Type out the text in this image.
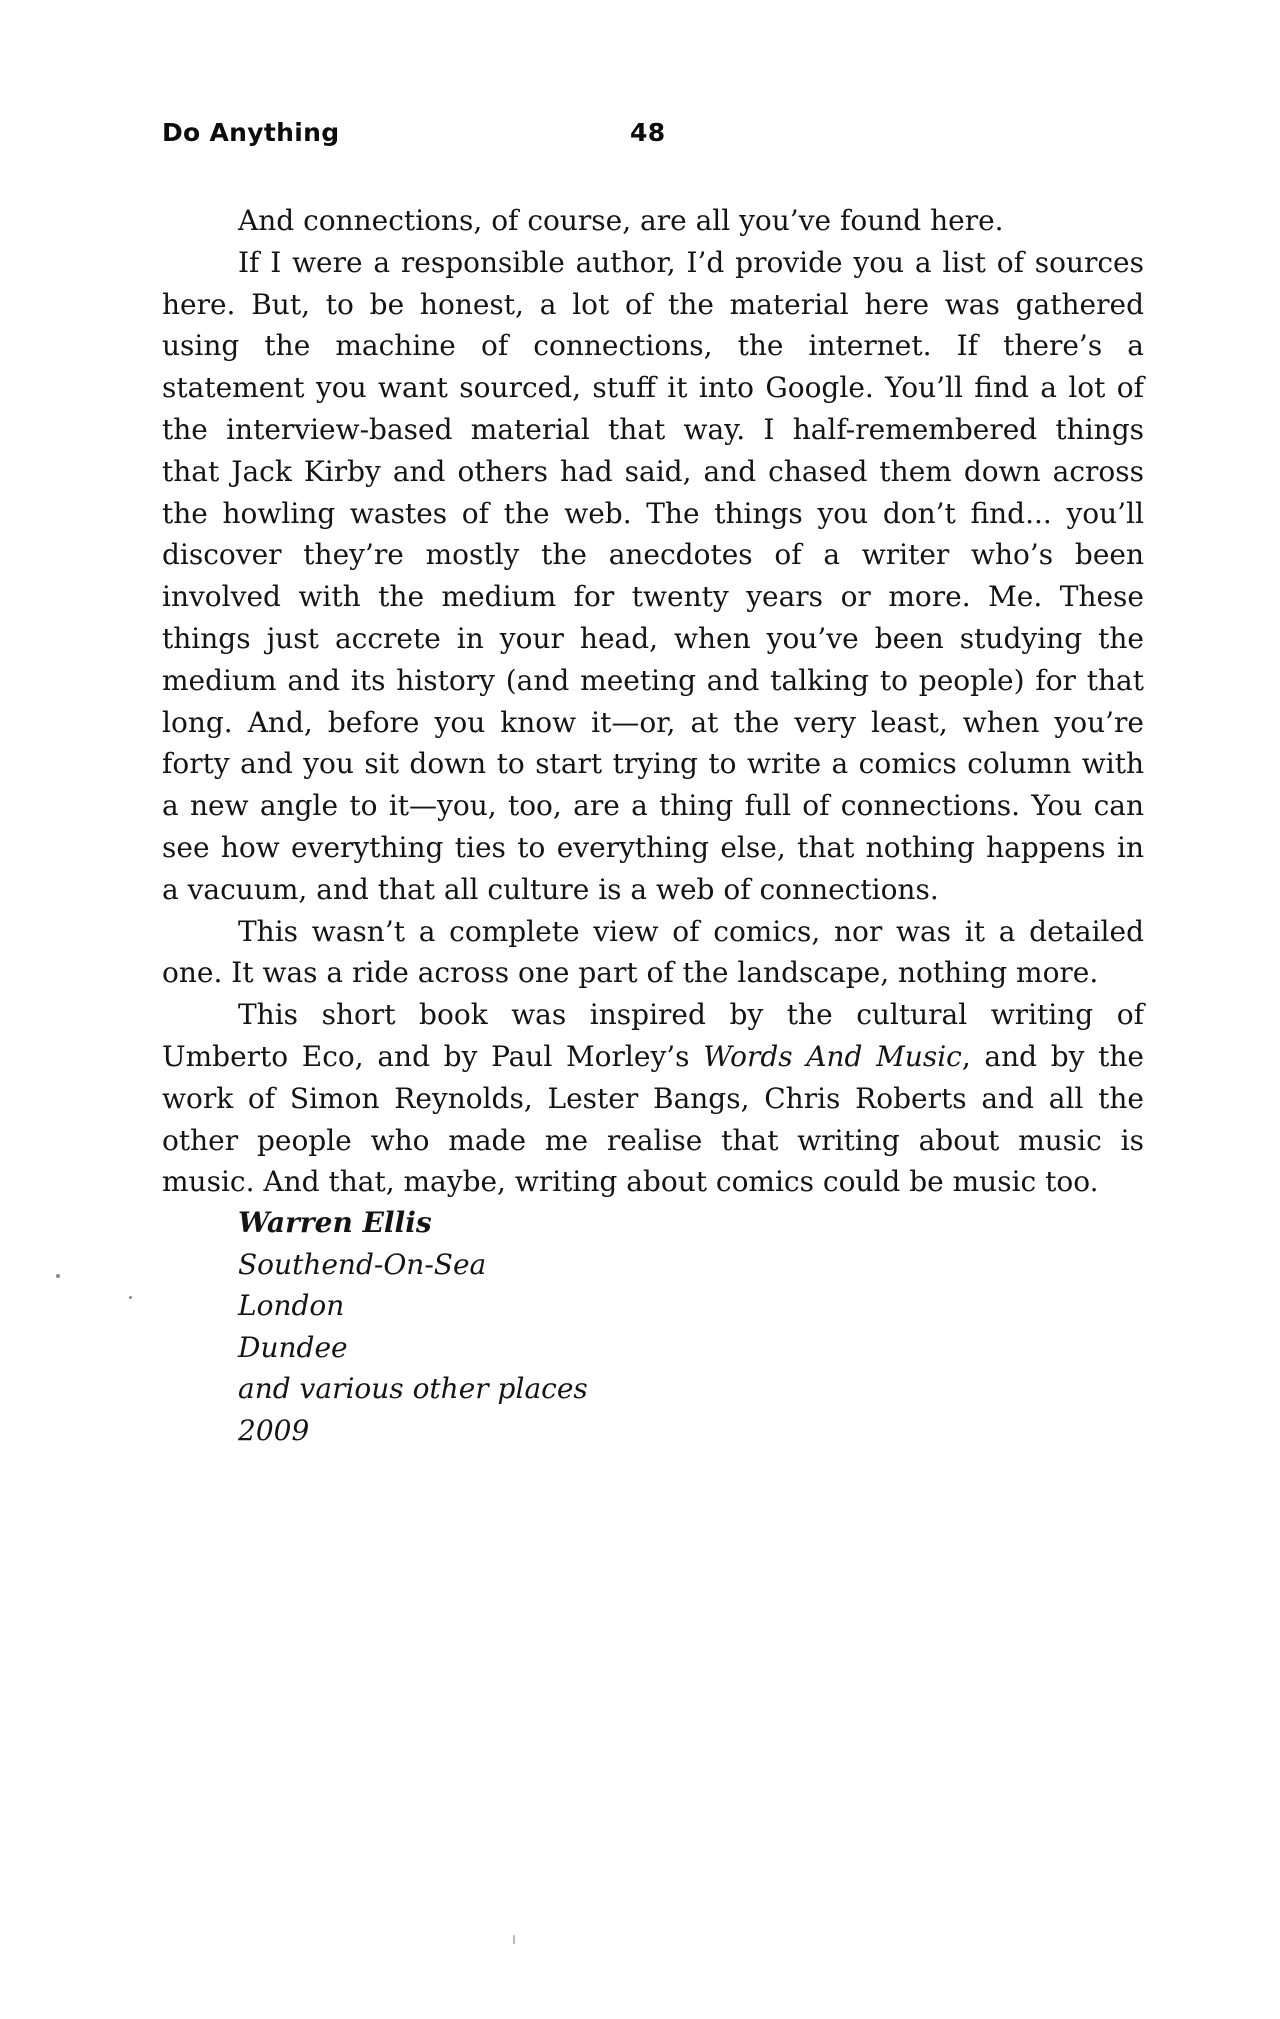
Do Anything	48

And connections, of course, are all you’ve found here.

If I were a responsible author, I’d provide you a list of sources here. But, to be honest, a lot of the material here was gathered using the machine of connections, the internet. If there’s a statement you want sourced, stuff it into Google. You’ll find a lot of the interview-based material that way. I half-remembered things that Jack Kirby and others had said, and chased them down across the howling wastes of the web. The things you don’t find... you’ll discover they’re mostly the anecdotes of a writer who’s been involved with the medium for twenty years or more. Me. These things just accrete in your head, when you’ve been studying the medium and its history (and meeting and talking to people) for that long. And, before you know it—or, at the very least, when you’re forty and you sit down to start trying to write a comics column with a new angle to it—you, too, are a thing full of connections. You can see how everything ties to everything else, that nothing happens in a vacuum, and that all culture is a web of connections.

This wasn’t a complete view of comics, nor was it a detailed one. It was a ride across one part of the landscape, nothing more.

This short book was inspired by the cultural writing of Umberto Eco, and by Paul Morley’s Words And Music, and by the work of Simon Reynolds, Lester Bangs, Chris Roberts and all the other people who made me realise that writing about music is music. And that, maybe, writing about comics could be music too.

Warren Ellis
Southend-On-Sea
London
Dundee
and various other places
2009
